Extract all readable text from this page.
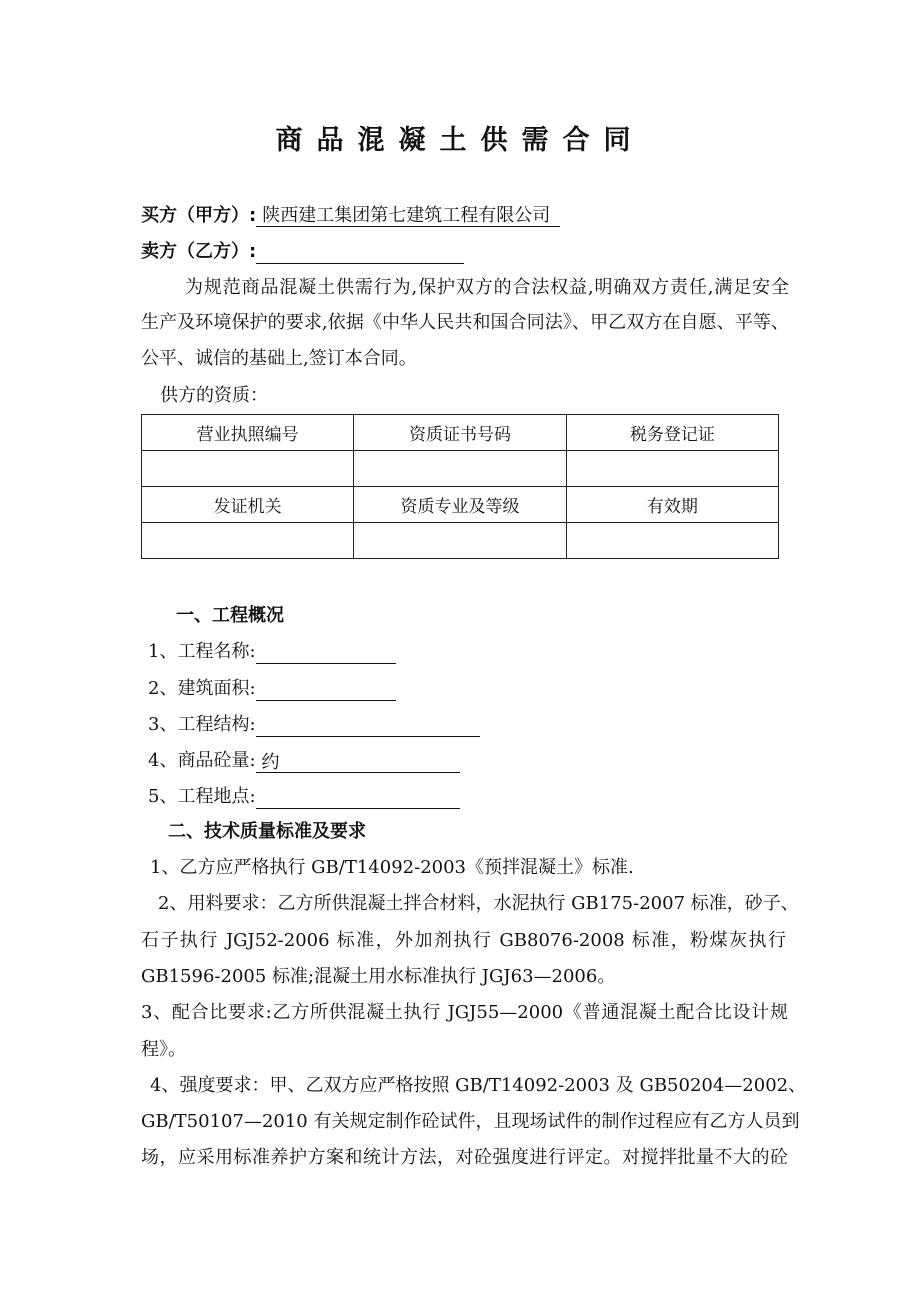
商品混凝土供需合同
买方（甲方）: 陕西建工集团第七建筑工程有限公司
卖方（乙方）:
为规范商品混凝土供需行为,保护双方的合法权益,明确双方责任,满足安全
生产及环境保护的要求,依据《中华人民共和国合同法》、甲乙双方在自愿、平等、
公平、诚信的基础上,签订本合同。
供方的资质：
营业执照编号	资质证书号码	税务登记证

发证机关	资质专业及等级	有效期

一、工程概况
1、工程名称:
2、建筑面积:
3、工程结构:
4、商品砼量: 约
5、工程地点:
二、技术质量标准及要求
1、乙方应严格执行 GB/T14092-2003《预拌混凝土》标准.
2、用料要求：乙方所供混凝土拌合材料，水泥执行 GB175-2007 标准，砂子、
石子执行 JGJ52-2006 标准，外加剂执行 GB8076-2008 标准，粉煤灰执行
GB1596-2005 标准;混凝土用水标准执行 JGJ63—2006。
3、配合比要求:乙方所供混凝土执行 JGJ55—2000《普通混凝土配合比设计规
程》。
4、强度要求：甲、乙双方应严格按照 GB/T14092-2003 及 GB50204—2002、
GB/T50107—2010 有关规定制作砼试件，且现场试件的制作过程应有乙方人员到
场，应采用标准养护方案和统计方法，对砼强度进行评定。对搅拌批量不大的砼
